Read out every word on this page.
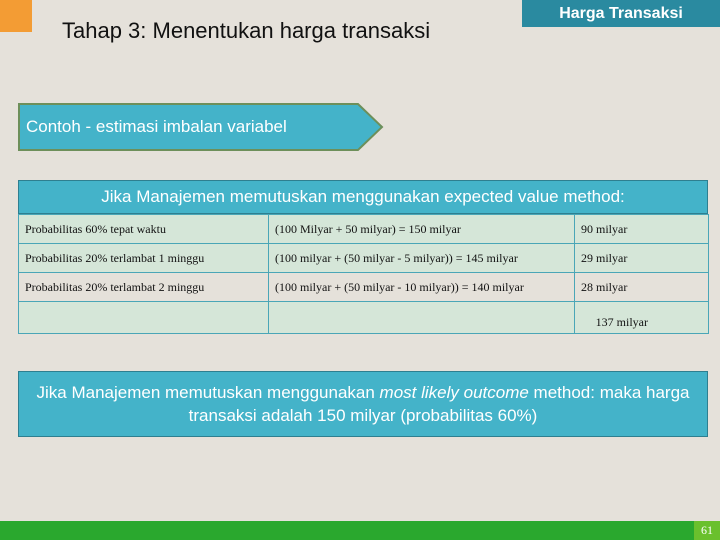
Tahap 3: Menentukan harga transaksi
Harga Transaksi
Contoh - estimasi imbalan variabel
Jika Manajemen memutuskan menggunakan expected value method:
Probabilitas 60% tepat waktu	(100 Milyar + 50 milyar) = 150 milyar	90 milyar
Probabilitas 20% terlambat 1 minggu	(100 milyar + (50 milyar - 5 milyar)) = 145 milyar	29 milyar
Probabilitas 20% terlambat 2 minggu	(100 milyar + (50 milyar - 10 milyar)) = 140 milyar	28 milyar
		137 milyar
Jika Manajemen memutuskan menggunakan most likely outcome method: maka harga transaksi adalah 150 milyar (probabilitas 60%)
61
